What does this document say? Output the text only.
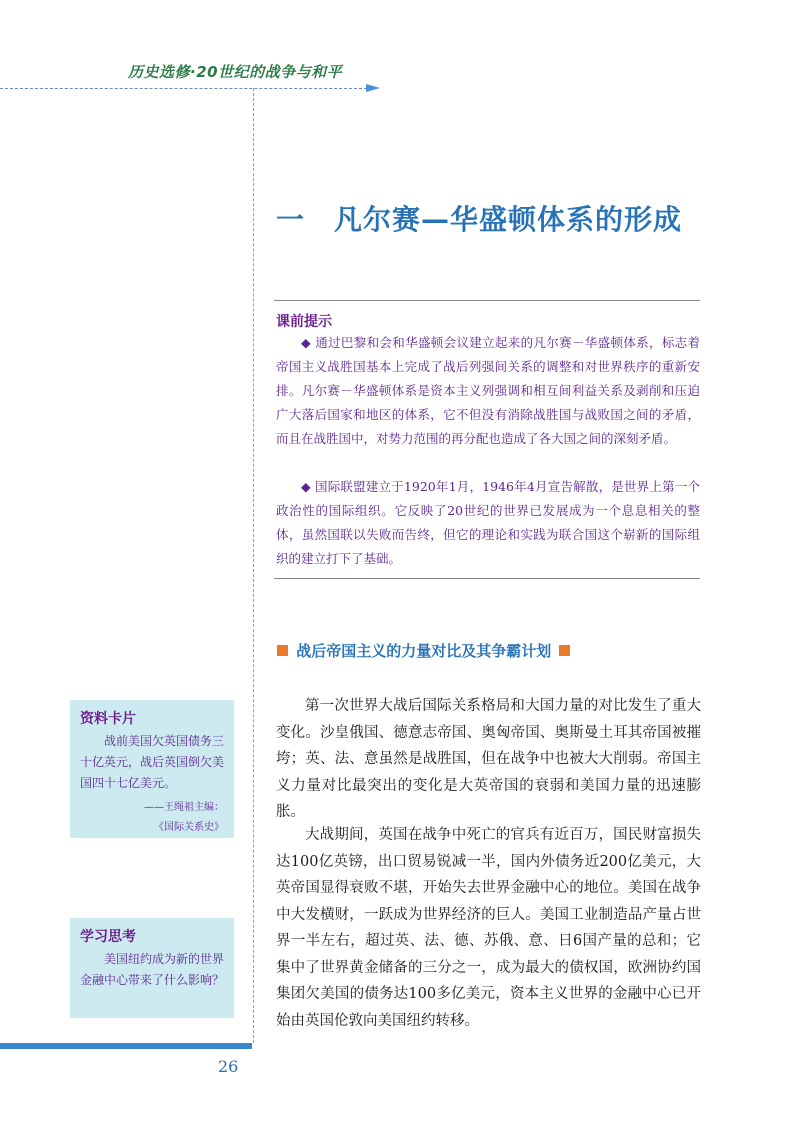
历史选修·20世纪的战争与和平
一　凡尔赛—华盛顿体系的形成
课前提示

◆ 通过巴黎和会和华盛顿会议建立起来的凡尔赛－华盛顿体系，标志着帝国主义战胜国基本上完成了战后列强间关系的调整和对世界秩序的重新安排。凡尔赛－华盛顿体系是资本主义列强调和相互间利益关系及剥削和压迫广大落后国家和地区的体系，它不但没有消除战胜国与战败国之间的矛盾，而且在战胜国中，对势力范围的再分配也造成了各大国之间的深刻矛盾。

◆ 国际联盟建立于1920年1月，1946年4月宣告解散，是世界上第一个政治性的国际组织。它反映了20世纪的世界已发展成为一个息息相关的整体，虽然国联以失败而告终，但它的理论和实践为联合国这个崭新的国际组织的建立打下了基础。

战后帝国主义的力量对比及其争霸计划

第一次世界大战后国际关系格局和大国力量的对比发生了重大变化。沙皇俄国、德意志帝国、奥匈帝国、奥斯曼土耳其帝国被摧垮；英、法、意虽然是战胜国，但在战争中也被大大削弱。帝国主义力量对比最突出的变化是大英帝国的衰弱和美国力量的迅速膨胀。

大战期间，英国在战争中死亡的官兵有近百万，国民财富损失达100亿英镑，出口贸易锐减一半，国内外债务近200亿美元，大英帝国显得衰败不堪，开始失去世界金融中心的地位。美国在战争中大发横财，一跃成为世界经济的巨人。美国工业制造品产量占世界一半左右，超过英、法、德、苏俄、意、日6国产量的总和；它集中了世界黄金储备的三分之一，成为最大的债权国，欧洲协约国集团欠美国的债务达100多亿美元，资本主义世界的金融中心已开始由英国伦敦向美国纽约转移。

资料卡片

战前美国欠英国债务三十亿英元，战后英国倒欠美国四十七亿美元。

——王绳祖主编：
《国际关系史》
学习思考

美国纽约成为新的世界金融中心带来了什么影响？

26
